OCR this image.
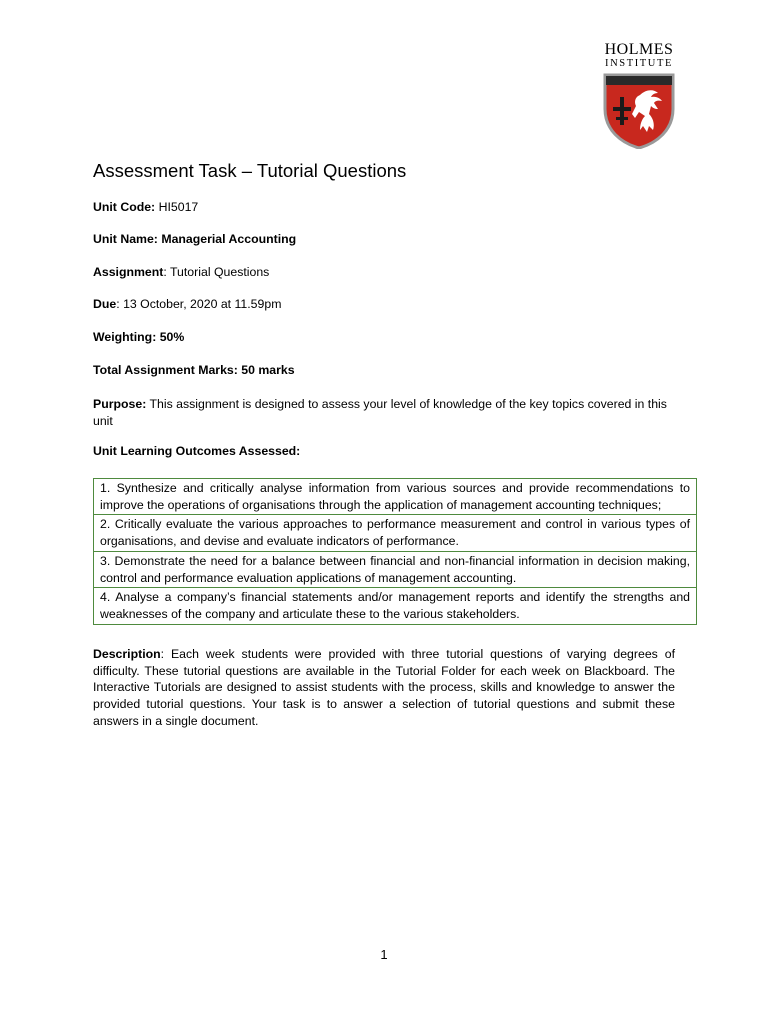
HOLMES
INSTITUTE
Assessment Task – Tutorial Questions

Unit Code: HI5017

Unit Name: Managerial Accounting

Assignment: Tutorial Questions

Due: 13 October, 2020 at 11.59pm

Weighting: 50%

Total Assignment Marks: 50 marks

Purpose: This assignment is designed to assess your level of knowledge of the key topics covered in this unit

Unit Learning Outcomes Assessed:

1. Synthesize and critically analyse information from various sources and provide recommendations to improve the operations of organisations through the application of management accounting techniques;
2. Critically evaluate the various approaches to performance measurement and control in various types of organisations, and devise and evaluate indicators of performance.
3. Demonstrate the need for a balance between financial and non-financial information in decision making, control and performance evaluation applications of management accounting.
4. Analyse a company’s financial statements and/or management reports and identify the strengths and weaknesses of the company and articulate these to the various stakeholders.

Description: Each week students were provided with three tutorial questions of varying degrees of difficulty. These tutorial questions are available in the Tutorial Folder for each week on Blackboard. The Interactive Tutorials are designed to assist students with the process, skills and knowledge to answer the provided tutorial questions. Your task is to answer a selection of tutorial questions and submit these answers in a single document.

1
